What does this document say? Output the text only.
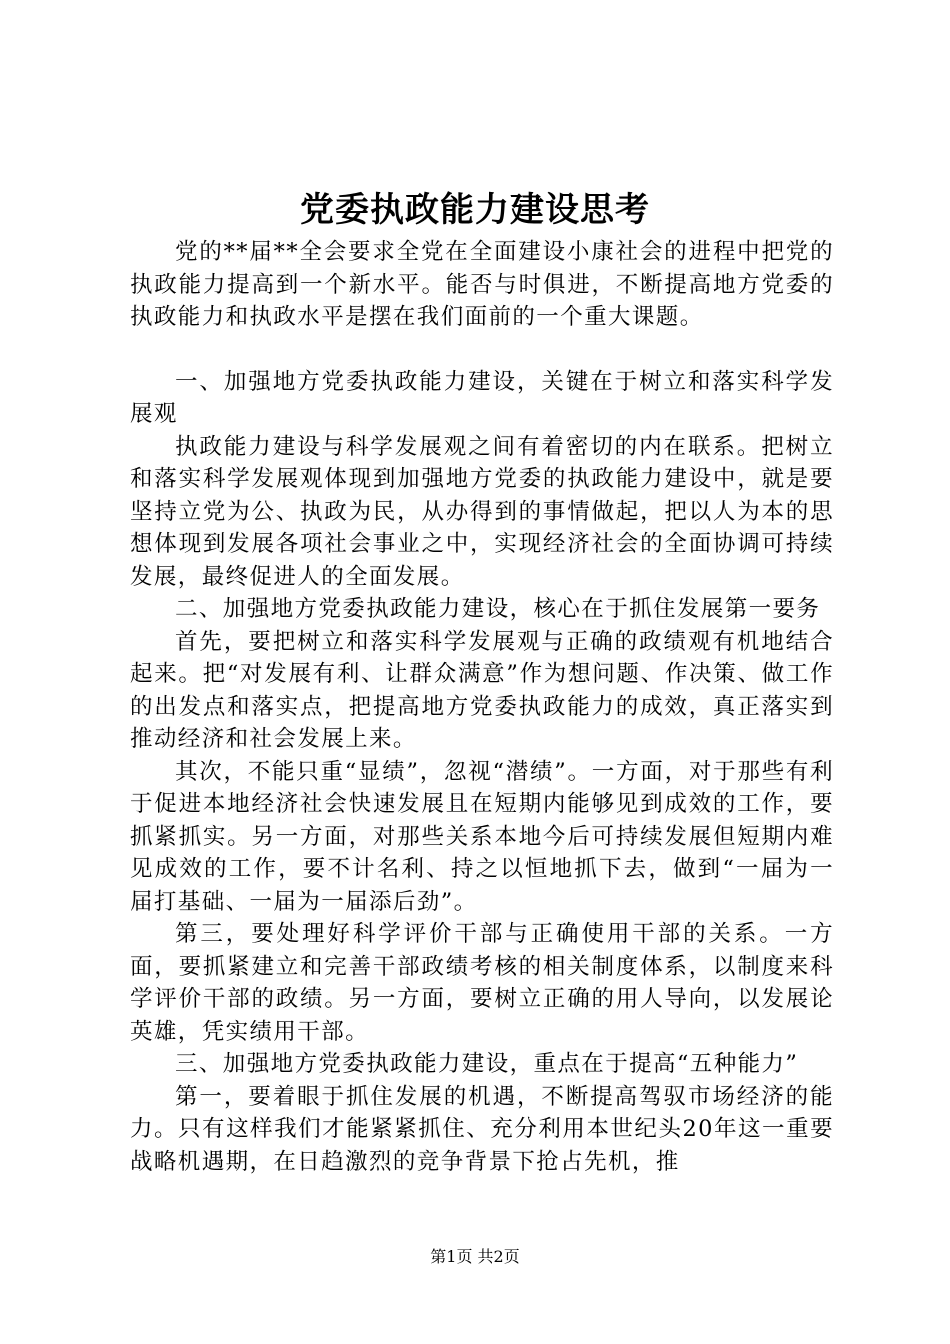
党委执政能力建设思考

党的**届**全会要求全党在全面建设小康社会的进程中把党的执政能力提高到一个新水平。能否与时俱进，不断提高地方党委的执政能力和执政水平是摆在我们面前的一个重大课题。

一、加强地方党委执政能力建设，关键在于树立和落实科学发展观

执政能力建设与科学发展观之间有着密切的内在联系。把树立和落实科学发展观体现到加强地方党委的执政能力建设中，就是要坚持立党为公、执政为民，从办得到的事情做起，把以人为本的思想体现到发展各项社会事业之中，实现经济社会的全面协调可持续发展，最终促进人的全面发展。

二、加强地方党委执政能力建设，核心在于抓住发展第一要务

首先，要把树立和落实科学发展观与正确的政绩观有机地结合起来。把“对发展有利、让群众满意”作为想问题、作决策、做工作的出发点和落实点，把提高地方党委执政能力的成效，真正落实到推动经济和社会发展上来。

其次，不能只重“显绩”，忽视“潜绩”。一方面，对于那些有利于促进本地经济社会快速发展且在短期内能够见到成效的工作，要抓紧抓实。另一方面，对那些关系本地今后可持续发展但短期内难见成效的工作，要不计名利、持之以恒地抓下去，做到“一届为一届打基础、一届为一届添后劲”。

第三，要处理好科学评价干部与正确使用干部的关系。一方面，要抓紧建立和完善干部政绩考核的相关制度体系，以制度来科学评价干部的政绩。另一方面，要树立正确的用人导向，以发展论英雄，凭实绩用干部。

三、加强地方党委执政能力建设，重点在于提高“五种能力”

第一，要着眼于抓住发展的机遇，不断提高驾驭市场经济的能力。只有这样我们才能紧紧抓住、充分利用本世纪头20年这一重要战略机遇期，在日趋激烈的竞争背景下抢占先机，推

第1页 共2页
